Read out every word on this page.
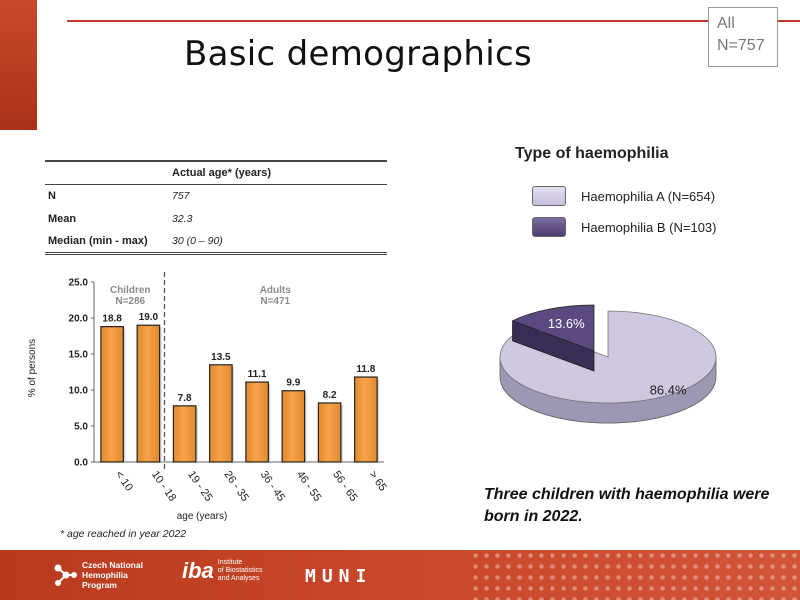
Basic demographics
All
N=757
	Actual age* (years)
N	757
Mean	32.3
Median (min - max)	30 (0 – 90)
% of persons
age (years)
0.0
5.0
10.0
15.0
20.0
25.0
18.8
< 10
19.0
10 - 18
7.8
19 - 25
13.5
26 - 35
11.1
36 - 45
9.9
46 - 55
8.2
56 - 65
11.8
> 65
Children
N=286
Adults
N=471
* age reached in year 2022
Type of haemophilia
Haemophilia A (N=654)
Haemophilia B (N=103)
86.4%
13.6%
Three children with haemophilia were born in 2022.
Czech National
Hemophilia
Program
iba Institute
of Biostatistics
and Analyses	MUNI
